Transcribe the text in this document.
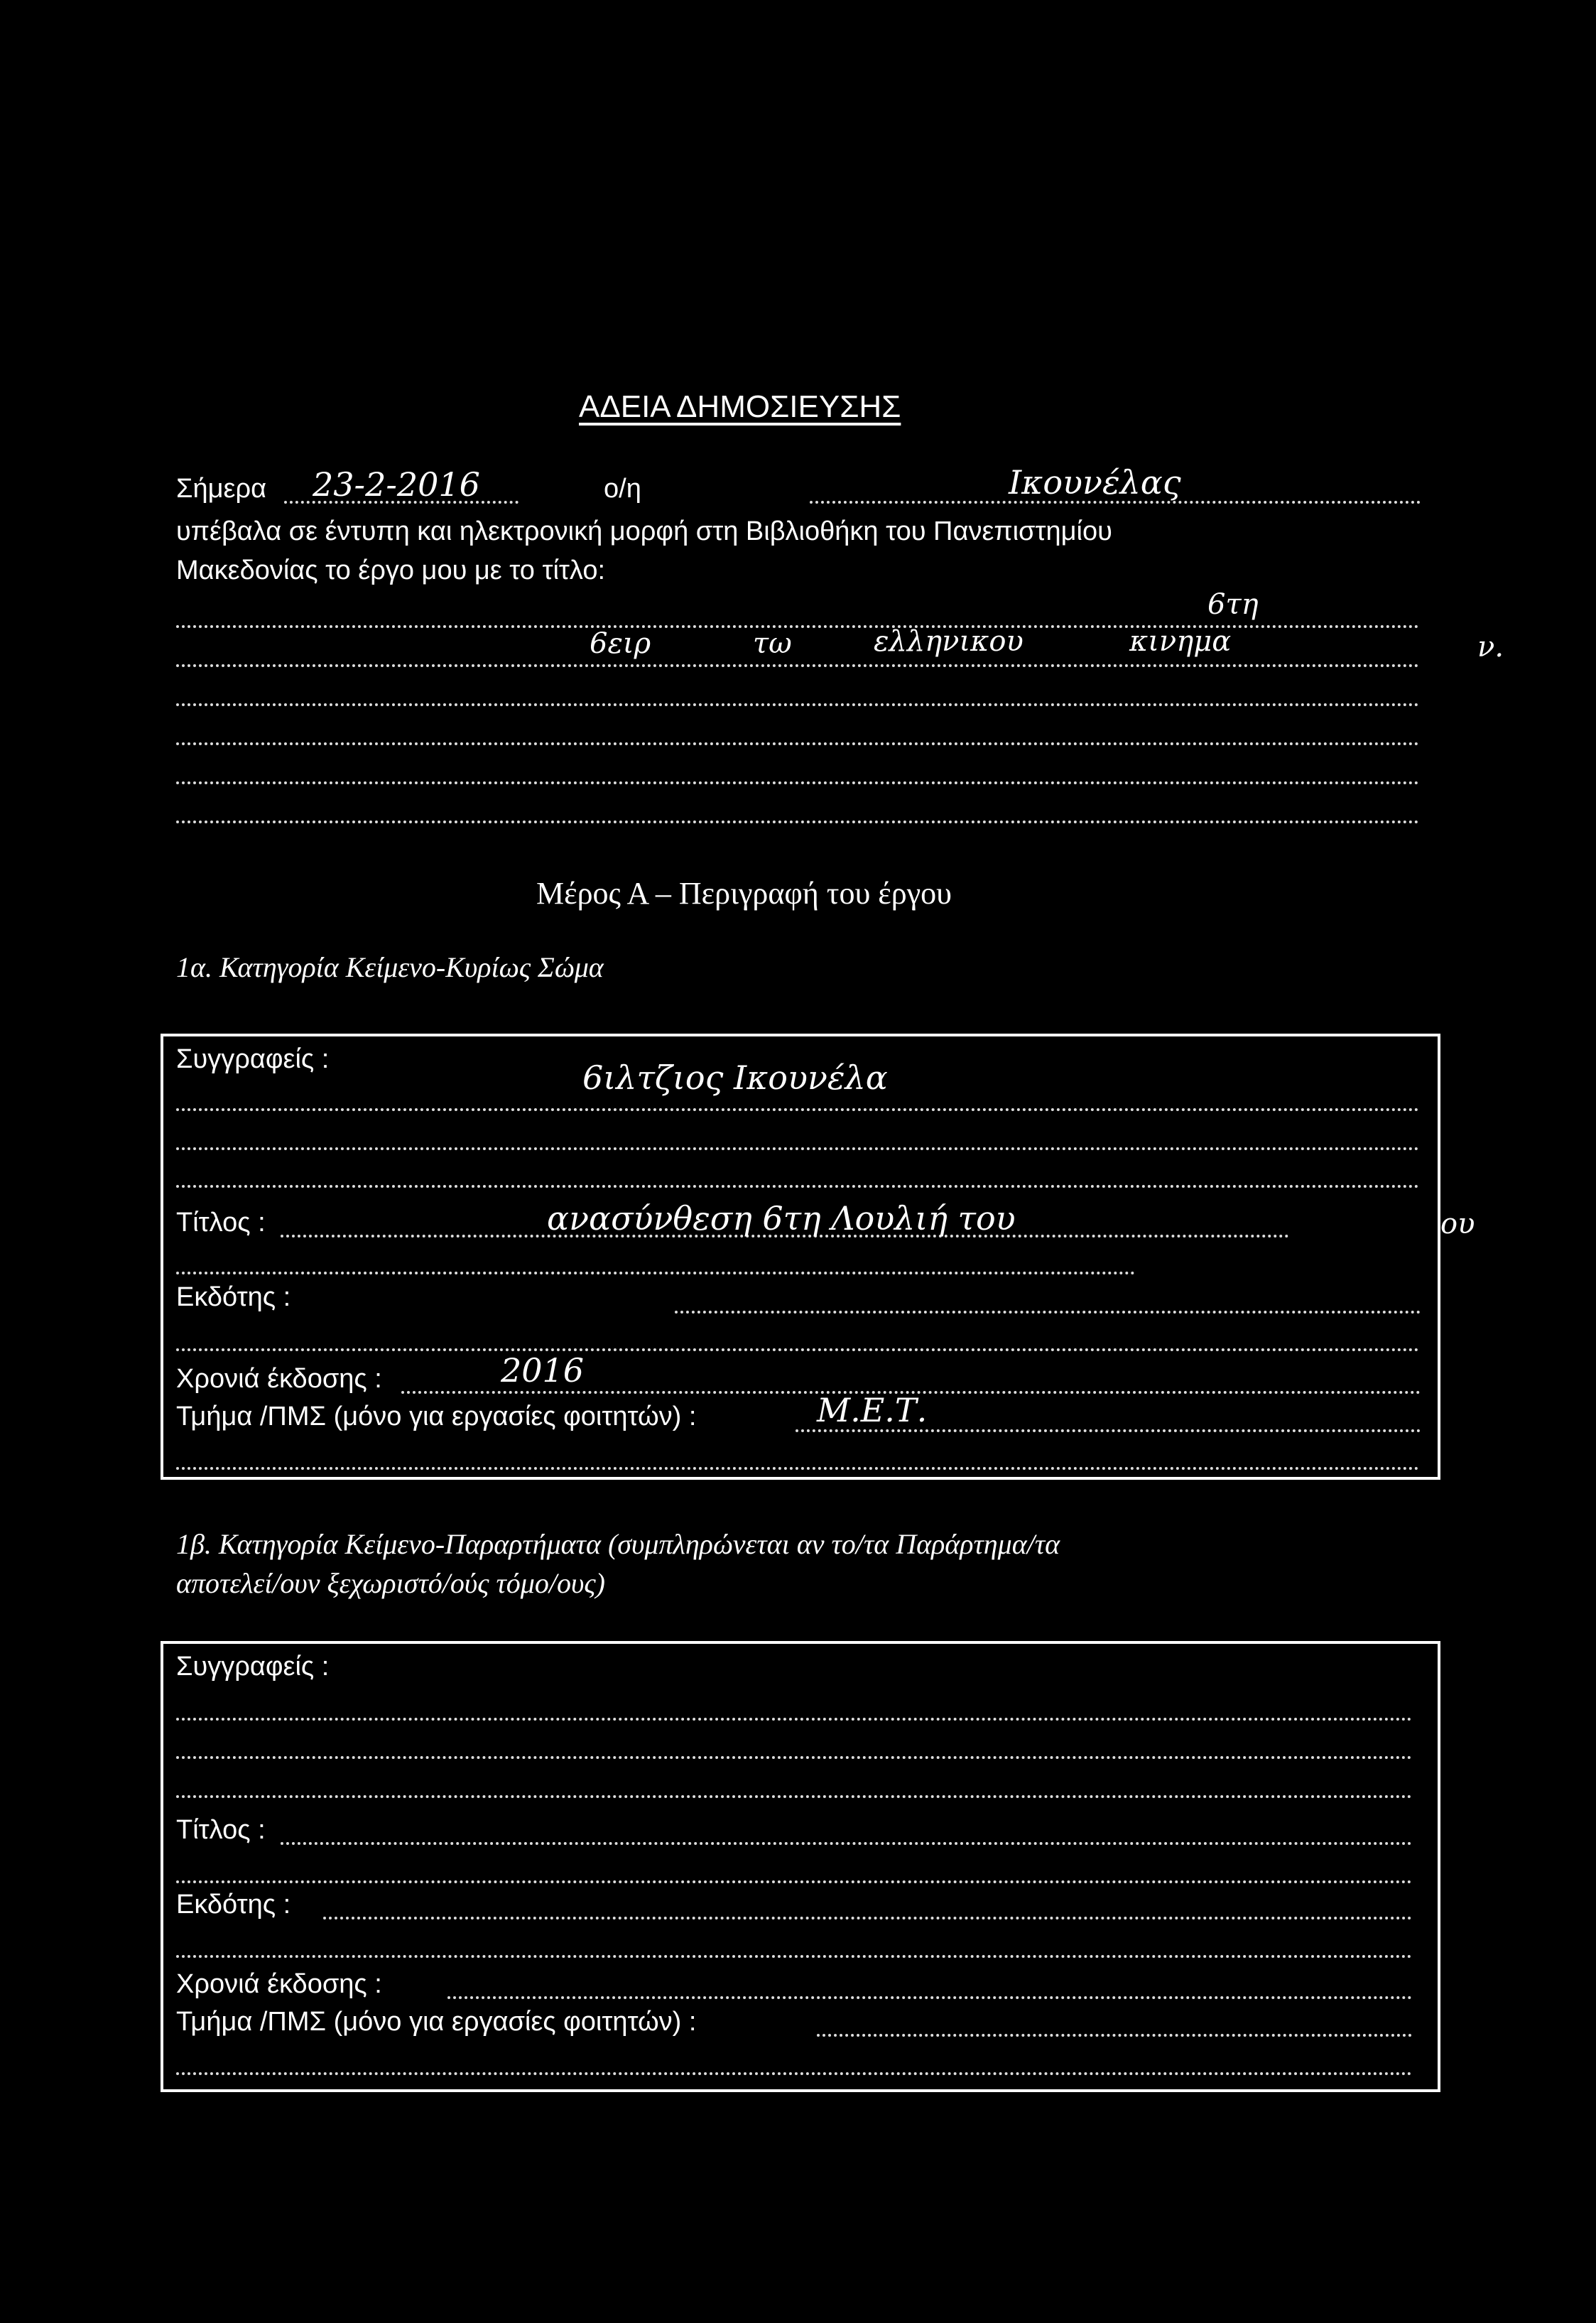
ΑΔΕΙΑ ΔΗΜΟΣΙΕΥΣΗΣ
Σήμερα 23-2-2016	ο/η	Ικουνέλας
υπέβαλα σε έντυπη και ηλεκτρονική μορφή στη Βιβλιοθήκη του Πανεπιστημίου
Μακεδονίας το έργο μου με το τίτλο:
6τη
6ειρ	τω	ελληνικου	κινημα	ν.
Μέρος Α – Περιγραφή του έργου
1α. Κατηγορία Κείμενο-Κυρίως Σώμα
Συγγραφείς :	6ιλτζιος Ικουνέλα
Τίτλος :	ανασύνθεση 6τη Λουλιή του	ου
Εκδότης :
Χρονιά έκδοσης :	2016
Τμήμα /ΠΜΣ (μόνο για εργασίες φοιτητών) :	Μ.Ε.Τ.
1β. Κατηγορία Κείμενο-Παραρτήματα (συμπληρώνεται αν το/τα Παράρτημα/τα
αποτελεί/ουν ξεχωριστό/ούς τόμο/ους)
Συγγραφείς :
Τίτλος :
Εκδότης :
Χρονιά έκδοσης :
Τμήμα /ΠΜΣ (μόνο για εργασίες φοιτητών) :
